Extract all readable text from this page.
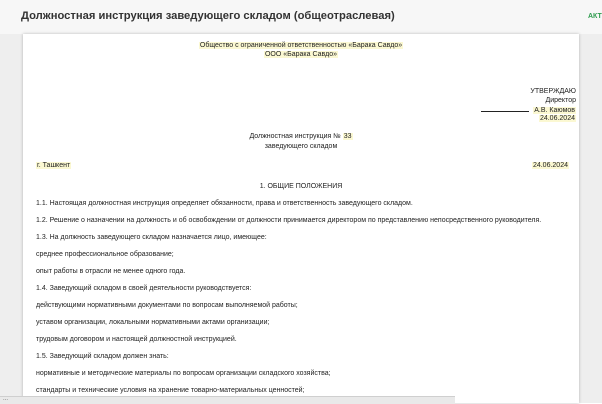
Должностная инструкция заведующего складом (общеотраслевая)	АКТ
Общество с ограниченной ответственностью «Барака Савдо»
ООО «Барака Савдо»
УТВЕРЖДАЮ
Директор
А.В. Каюмов
24.06.2024
Должностная инструкция № 33
заведующего складом
г. Ташкент	24.06.2024
1. ОБЩИЕ ПОЛОЖЕНИЯ
1.1. Настоящая должностная инструкция определяет обязанности, права и ответственность заведующего складом.
1.2. Решение о назначении на должность и об освобождении от должности принимается директором по представлению непосредственного руководителя.
1.3. На должность заведующего складом назначается лицо, имеющее:
среднее профессиональное образование;
опыт работы в отрасли не менее одного года.
1.4. Заведующий складом в своей деятельности руководствуется:
действующими нормативными документами по вопросам выполняемой работы;
уставом организации, локальными нормативными актами организации;
трудовым договором и настоящей должностной инструкцией.
1.5. Заведующий складом должен знать:
нормативные и методические материалы по вопросам организации складского хозяйства;
стандарты и технические условия на хранение товарно-материальных ценностей;
...
